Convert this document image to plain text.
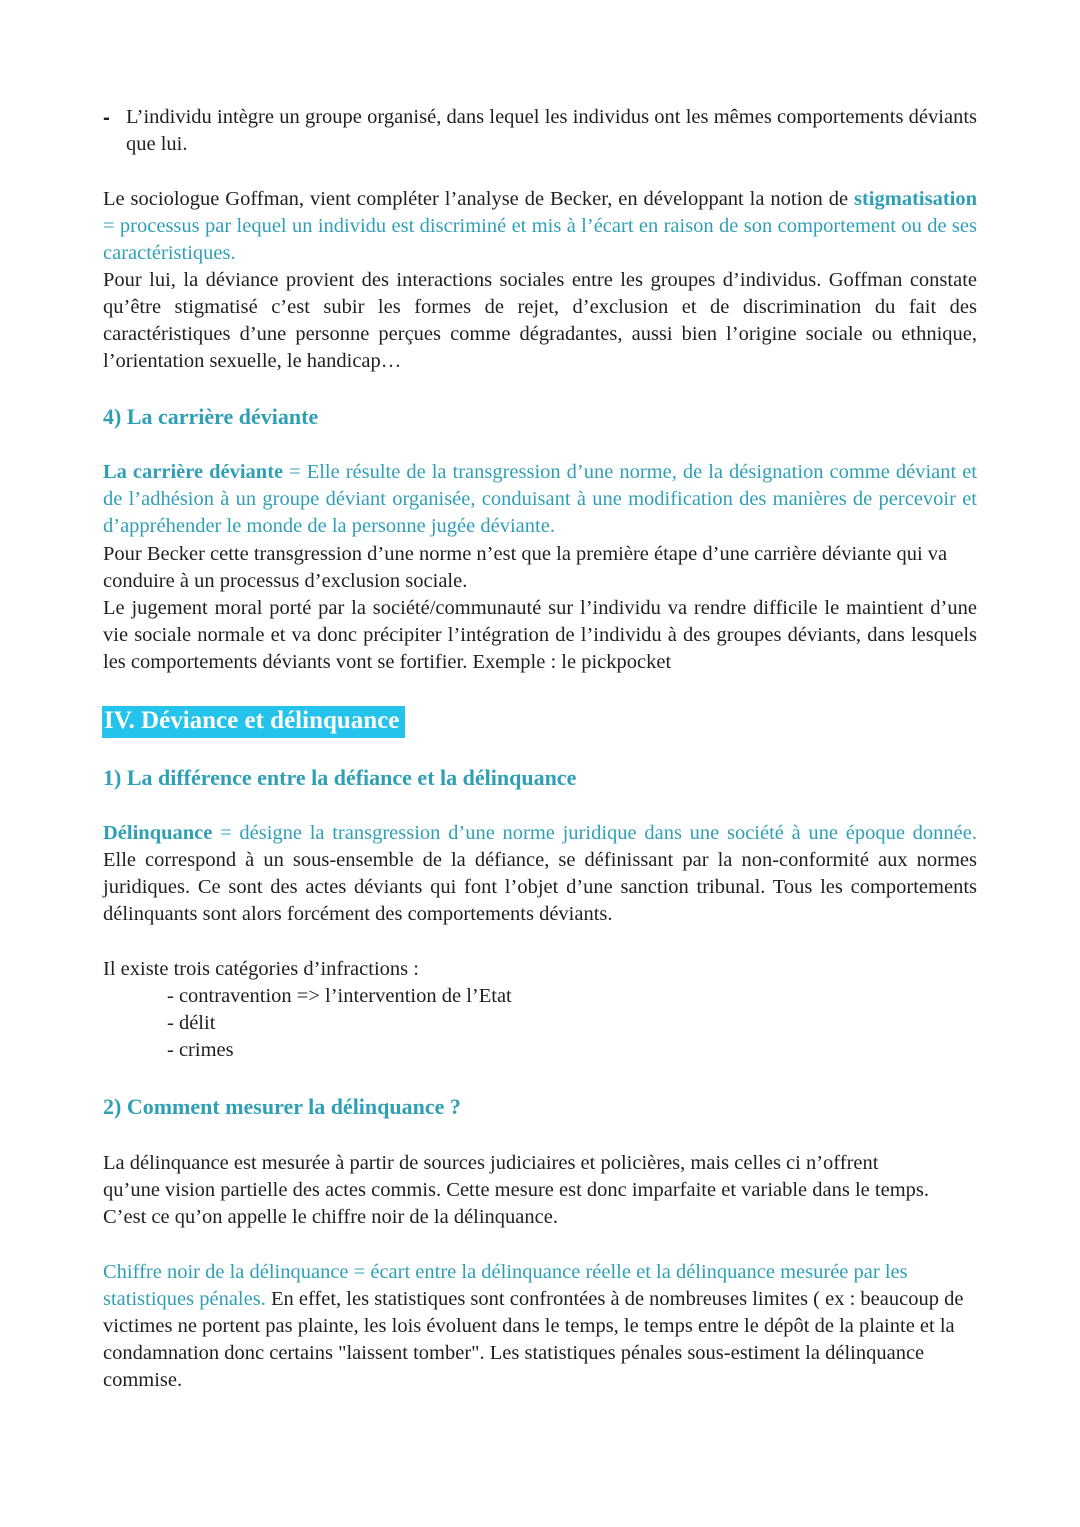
- L’individu intègre un groupe organisé, dans lequel les individus ont les mêmes comportements déviants que lui.

Le sociologue Goffman, vient compléter l’analyse de Becker, en développant la notion de stigmatisation = processus par lequel un individu est discriminé et mis à l’écart en raison de son comportement ou de ses caractéristiques.

Pour lui, la déviance provient des interactions sociales entre les groupes d’individus. Goffman constate qu’être stigmatisé c’est subir les formes de rejet, d’exclusion et de discrimination du fait des caractéristiques d’une personne perçues comme dégradantes, aussi bien l’origine sociale ou ethnique, l’orientation sexuelle, le handicap…

4) La carrière déviante

La carrière déviante = Elle résulte de la transgression d’une norme, de la désignation comme déviant et de l’adhésion à un groupe déviant organisée, conduisant à une modification des manières de percevoir et d’appréhender le monde de la personne jugée déviante.

Pour Becker cette transgression d’une norme n’est que la première étape d’une carrière déviante qui va conduire à un processus d’exclusion sociale.

Le jugement moral porté par la société/communauté sur l’individu va rendre difficile le maintient d’une vie sociale normale et va donc précipiter l’intégration de l’individu à des groupes déviants, dans lesquels les comportements déviants vont se fortifier. Exemple : le pickpocket

IV. Déviance et délinquance
1) La différence entre la défiance et la délinquance

Délinquance = désigne la transgression d’une norme juridique dans une société à une époque donnée. Elle correspond à un sous-ensemble de la défiance, se définissant par la non-conformité aux normes juridiques. Ce sont des actes déviants qui font l’objet d’une sanction tribunal. Tous les comportements délinquants sont alors forcément des comportements déviants.

Il existe trois catégories d’infractions :

- contravention => l’intervention de l’Etat
- délit
- crimes
2) Comment mesurer la délinquance ?

La délinquance est mesurée à partir de sources judiciaires et policières, mais celles ci n’offrent qu’une vision partielle des actes commis. Cette mesure est donc imparfaite et variable dans le temps. C’est ce qu’on appelle le chiffre noir de la délinquance.

Chiffre noir de la délinquance = écart entre la délinquance réelle et la délinquance mesurée par les statistiques pénales. En effet, les statistiques sont confrontées à de nombreuses limites ( ex : beaucoup de victimes ne portent pas plainte, les lois évoluent dans le temps, le temps entre le dépôt de la plainte et la condamnation donc certains "laissent tomber". Les statistiques pénales sous-estiment la délinquance commise.
